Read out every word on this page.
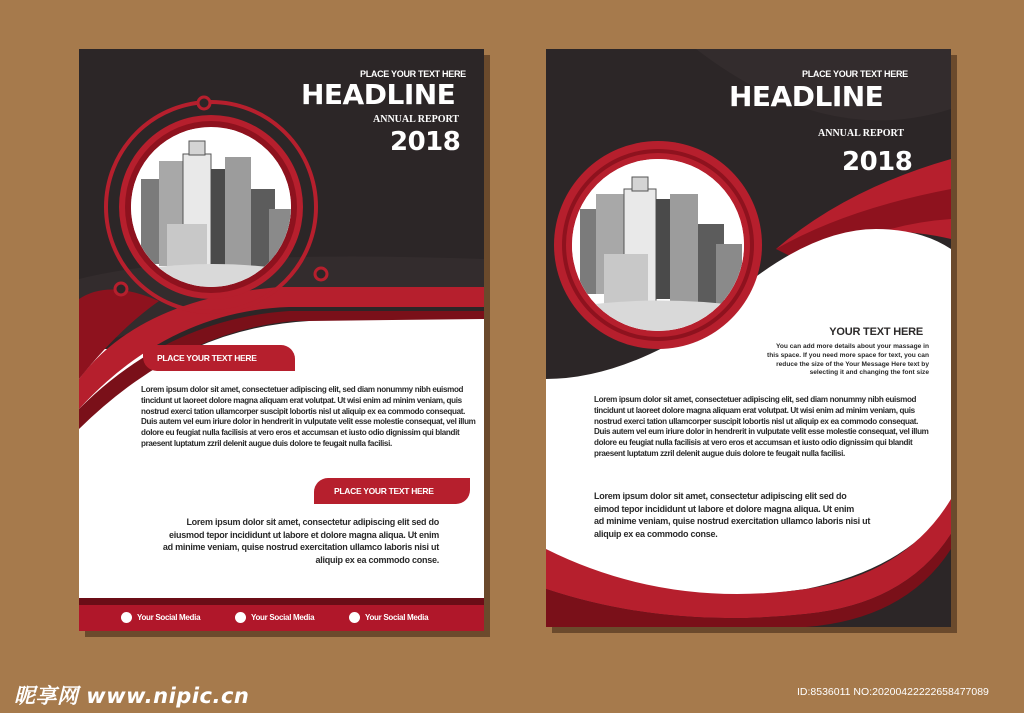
PLACE YOUR TEXT HERE

HEADLINE

ANNUAL REPORT

2018

PLACE YOUR TEXT HERE
Lorem ipsum dolor sit amet, consectetuer adipiscing elit, sed diam nonummy nibh euismod
tincidunt ut laoreet dolore magna aliquam erat volutpat. Ut wisi enim ad minim veniam, quis
nostrud exerci tation ullamcorper suscipit lobortis nisl ut aliquip ex ea commodo consequat.
Duis autem vel eum iriure dolor in hendrerit in vulputate velit esse molestie consequat, vel illum
dolore eu feugiat nulla facilisis at vero eros et accumsan et iusto odio dignissim qui blandit
praesent luptatum zzril delenit augue duis dolore te feugait nulla facilisi.
PLACE YOUR TEXT HERE
Lorem ipsum dolor sit amet, consectetur adipiscing elit sed do
eiusmod tepor incididunt ut labore et dolore magna aliqua. Ut enim
ad minime veniam, quise nostrud exercitation ullamco laboris nisi ut
aliquip ex ea commodo conse.
Your Social Media	Your Social Media	Your Social Media

PLACE YOUR TEXT HERE

HEADLINE

ANNUAL REPORT

2018

YOUR TEXT HERE
You can add more details about your massage in
this space. If you need more space for text, you can
reduce the size of the Your Message Here text by
selecting it and changing the font size
Lorem ipsum dolor sit amet, consectetuer adipiscing elit, sed diam nonummy nibh euismod
tincidunt ut laoreet dolore magna aliquam erat volutpat. Ut wisi enim ad minim veniam, quis
nostrud exerci tation ullamcorper suscipit lobortis nisl ut aliquip ex ea commodo consequat.
Duis autem vel eum iriure dolor in hendrerit in vulputate velit esse molestie consequat, vel illum
dolore eu feugiat nulla facilisis at vero eros et accumsan et iusto odio dignissim qui blandit
praesent luptatum zzril delenit augue duis dolore te feugait nulla facilisi.
Lorem ipsum dolor sit amet, consectetur adipiscing elit sed do
eimod tepor incididunt ut labore et dolore magna aliqua. Ut enim
ad minime veniam, quise nostrud exercitation ullamco laboris nisi ut
aliquip ex ea commodo conse.
昵享网 www.nipic.cn	ID:8536011 NO:20200422222658477089
